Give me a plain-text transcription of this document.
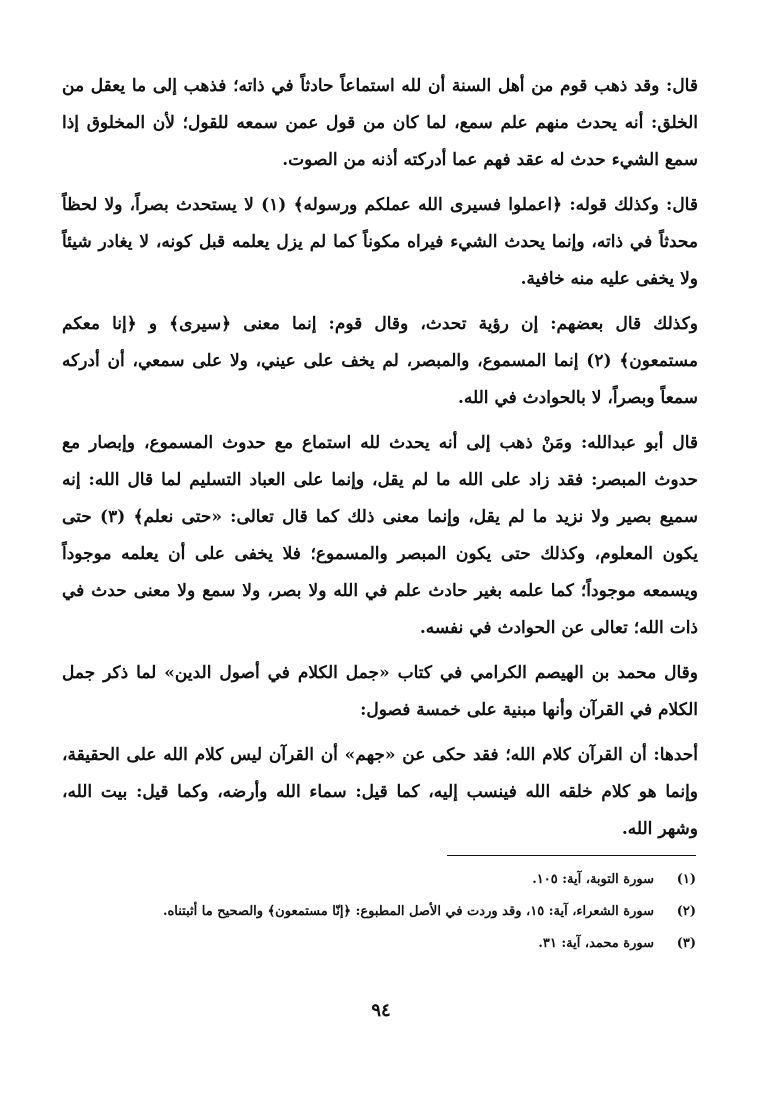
قال: وقد ذهب قوم من أهل السنة أن لله استماعاً حادثاً في ذاته؛ فذهب إلى ما يعقل من الخلق: أنه يحدث منهم علم سمع، لما كان من قول عمن سمعه للقول؛ لأن المخلوق إذا سمع الشيء حدث له عقد فهم عما أدركته أذنه من الصوت.

قال: وكذلك قوله: ﴿اعملوا فسيرى الله عملكم ورسوله﴾ (١) لا يستحدث بصراً، ولا لحظاً محدثاً في ذاته، وإنما يحدث الشيء فيراه مكوناً كما لم يزل يعلمه قبل كونه، لا يغادر شيئاً ولا يخفى عليه منه خافية.

وكذلك قال بعضهم: إن رؤية تحدث، وقال قوم: إنما معنى ﴿سيرى﴾ و ﴿إنا معكم مستمعون﴾ (٢) إنما المسموع، والمبصر، لم يخف على عيني، ولا على سمعي، أن أدركه سمعاً وبصراً، لا بالحوادث في الله.

قال أبو عبدالله: ومَنْ ذهب إلى أنه يحدث لله استماع مع حدوث المسموع، وإبصار مع حدوث المبصر: فقد زاد على الله ما لم يقل، وإنما على العباد التسليم لما قال الله: إنه سميع بصير ولا نزيد ما لم يقل، وإنما معنى ذلك كما قال تعالى: «حتى نعلم﴾ (٣) حتى يكون المعلوم، وكذلك حتى يكون المبصر والمسموع؛ فلا يخفى على أن يعلمه موجوداً ويسمعه موجوداً؛ كما علمه بغير حادث علم في الله ولا بصر، ولا سمع ولا معنى حدث في ذات الله؛ تعالى عن الحوادث في نفسه.

وقال محمد بن الهيصم الكرامي في كتاب «جمل الكلام في أصول الدين» لما ذكر جمل الكلام في القرآن وأنها مبنية على خمسة فصول:

أحدها: أن القرآن كلام الله؛ فقد حكى عن «جهم» أن القرآن ليس كلام الله على الحقيقة، وإنما هو كلام خلقه الله فينسب إليه، كما قيل: سماء الله وأرضه، وكما قيل: بيت الله، وشهر الله.

(١)
سورة التوبة، آية: ١٠٥.
(٢)
سورة الشعراء، آية: ١٥، وقد وردت في الأصل المطبوع: ﴿إنّا مستمعون﴾ والصحيح ما أثبتناه.
(٣)
سورة محمد، آية: ٣١.
٩٤
